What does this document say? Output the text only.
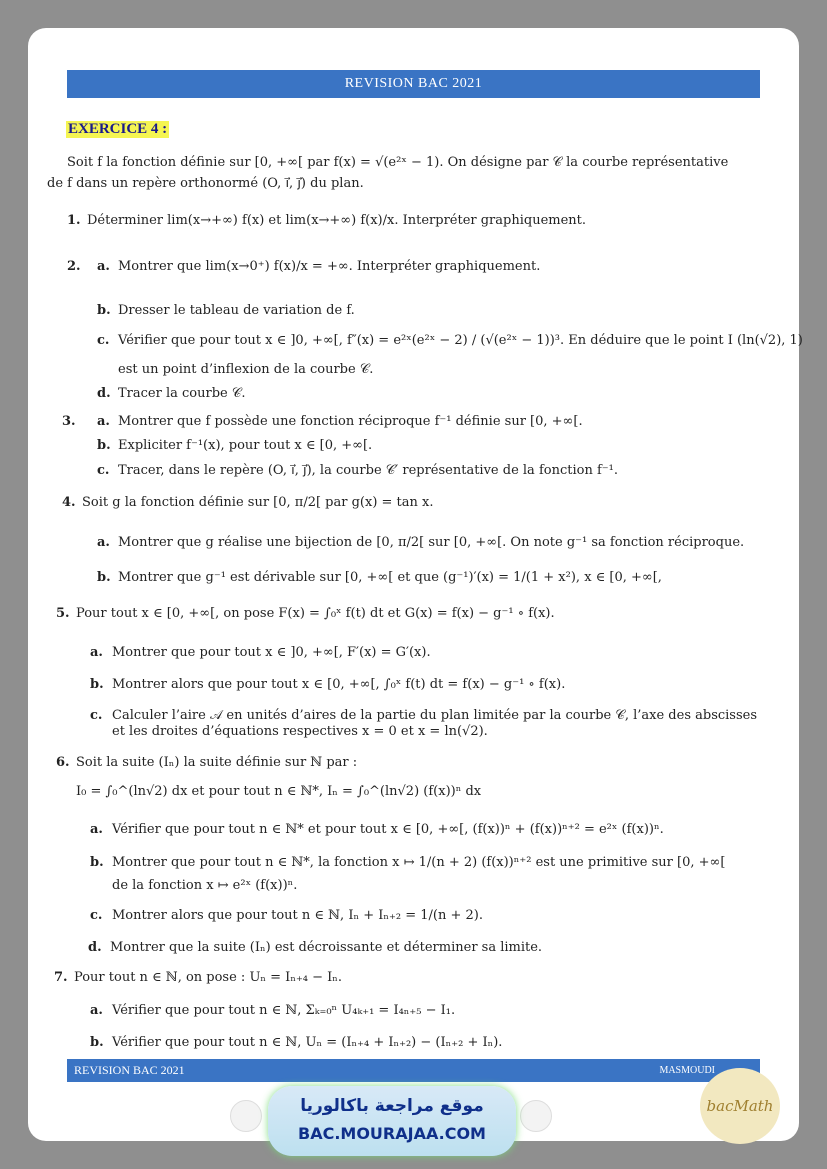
REVISION BAC 2021
EXERCICE 4 :
Soit f la fonction définie sur [0, +∞[ par f(x) = √(e²ˣ − 1). On désigne par 𝒞 la courbe représentative
de f dans un repère orthonormé (O, i⃗, j⃗) du plan.
1. Déterminer lim(x→+∞) f(x) et lim(x→+∞) f(x)/x. Interpréter graphiquement.
2. a. Montrer que lim(x→0⁺) f(x)/x = +∞. Interpréter graphiquement.
b. Dresser le tableau de variation de f.
c. Vérifier que pour tout x ∈ ]0, +∞[, f″(x) = e²ˣ(e²ˣ − 2) / (√(e²ˣ − 1))³. En déduire que le point I (ln(√2), 1)
est un point d’inflexion de la courbe 𝒞.
d. Tracer la courbe 𝒞.
3. a. Montrer que f possède une fonction réciproque f⁻¹ définie sur [0, +∞[.
b. Expliciter f⁻¹(x), pour tout x ∈ [0, +∞[.
c. Tracer, dans le repère (O, i⃗, j⃗), la courbe 𝒞′ représentative de la fonction f⁻¹.
4. Soit g la fonction définie sur [0, π/2[ par g(x) = tan x.
a. Montrer que g réalise une bijection de [0, π/2[ sur [0, +∞[. On note g⁻¹ sa fonction réciproque.
b. Montrer que g⁻¹ est dérivable sur [0, +∞[ et que (g⁻¹)′(x) = 1/(1 + x²), x ∈ [0, +∞[,
5. Pour tout x ∈ [0, +∞[, on pose F(x) = ∫₀ˣ f(t) dt et G(x) = f(x) − g⁻¹ ∘ f(x).
a. Montrer que pour tout x ∈ ]0, +∞[, F′(x) = G′(x).
b. Montrer alors que pour tout x ∈ [0, +∞[, ∫₀ˣ f(t) dt = f(x) − g⁻¹ ∘ f(x).
c. Calculer l’aire 𝒜 en unités d’aires de la partie du plan limitée par la courbe 𝒞, l’axe des abscisses
et les droites d’équations respectives x = 0 et x = ln(√2).
6. Soit la suite (Iₙ) la suite définie sur ℕ par :
I₀ = ∫₀^(ln√2) dx et pour tout n ∈ ℕ*, Iₙ = ∫₀^(ln√2) (f(x))ⁿ dx
a. Vérifier que pour tout n ∈ ℕ* et pour tout x ∈ [0, +∞[, (f(x))ⁿ + (f(x))ⁿ⁺² = e²ˣ (f(x))ⁿ.
b. Montrer que pour tout n ∈ ℕ*, la fonction x ↦ 1/(n + 2) (f(x))ⁿ⁺² est une primitive sur [0, +∞[
de la fonction x ↦ e²ˣ (f(x))ⁿ.
c. Montrer alors que pour tout n ∈ ℕ, Iₙ + Iₙ₊₂ = 1/(n + 2).
d. Montrer que la suite (Iₙ) est décroissante et déterminer sa limite.
7. Pour tout n ∈ ℕ, on pose : Uₙ = Iₙ₊₄ − Iₙ.
a. Vérifier que pour tout n ∈ ℕ, Σₖ₌₀ⁿ U₄ₖ₊₁ = I₄ₙ₊₅ − I₁.
b. Vérifier que pour tout n ∈ ℕ, Uₙ = (Iₙ₊₄ + Iₙ₊₂) − (Iₙ₊₂ + Iₙ).
REVISION BAC 2021	MASMOUDI
موقع مراجعة باكالوريا
BAC.MOURAJAA.COM
bacMath
